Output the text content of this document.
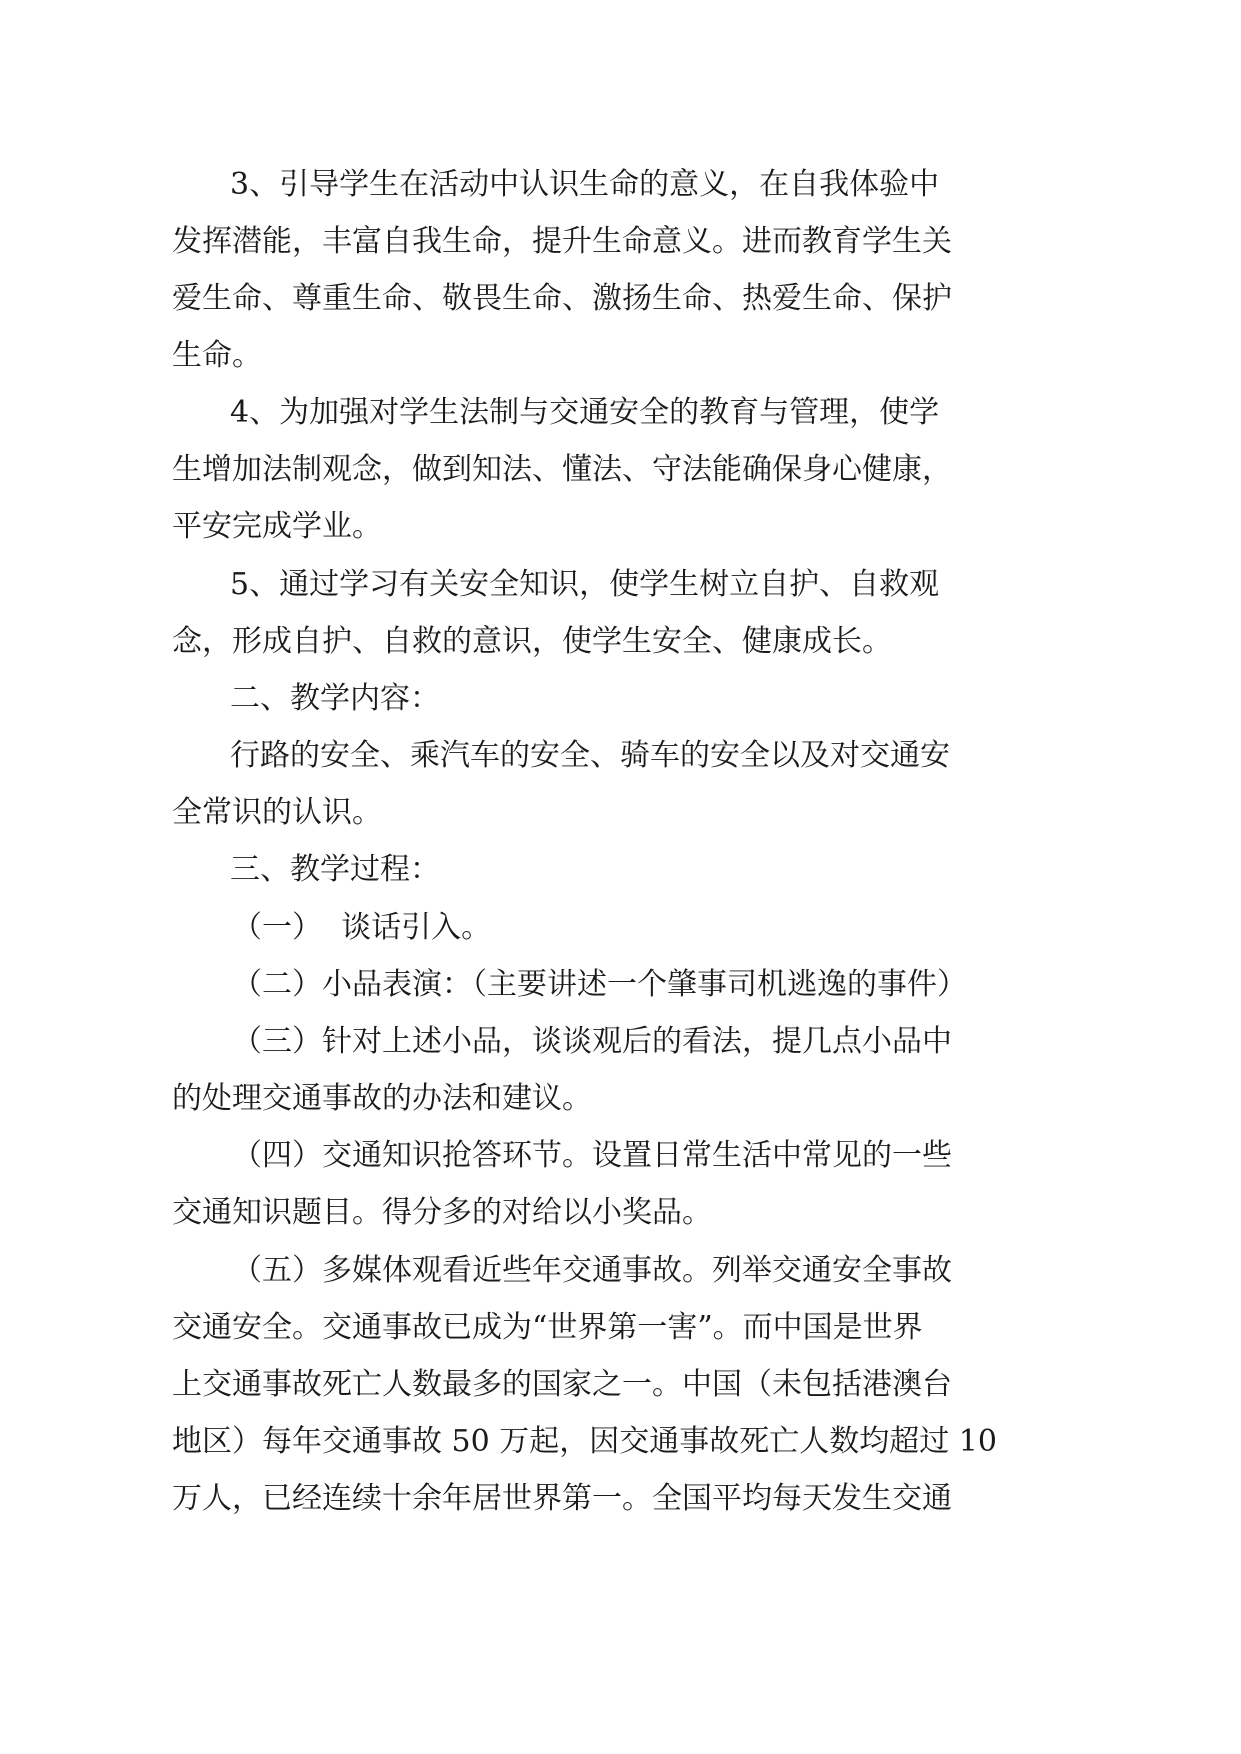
3、引导学生在活动中认识生命的意义，在自我体验中
发挥潜能，丰富自我生命，提升生命意义。进而教育学生关
爱生命、尊重生命、敬畏生命、激扬生命、热爱生命、保护
生命。
4、为加强对学生法制与交通安全的教育与管理，使学
生增加法制观念，做到知法、懂法、守法能确保身心健康，
平安完成学业。
5、通过学习有关安全知识，使学生树立自护、自救观
念，形成自护、自救的意识，使学生安全、健康成长。
二、教学内容：
行路的安全、乘汽车的安全、骑车的安全以及对交通安
全常识的认识。
三、教学过程：
（一）  谈话引入。
（二）小品表演：（主要讲述一个肇事司机逃逸的事件）
（三）针对上述小品，谈谈观后的看法，提几点小品中
的处理交通事故的办法和建议。
（四）交通知识抢答环节。设置日常生活中常见的一些
交通知识题目。得分多的对给以小奖品。
（五）多媒体观看近些年交通事故。列举交通安全事故
交通安全。交通事故已成为“世界第一害”。而中国是世界
上交通事故死亡人数最多的国家之一。中国（未包括港澳台
地区）每年交通事故 50 万起，因交通事故死亡人数均超过 10
万人，已经连续十余年居世界第一。全国平均每天发生交通
